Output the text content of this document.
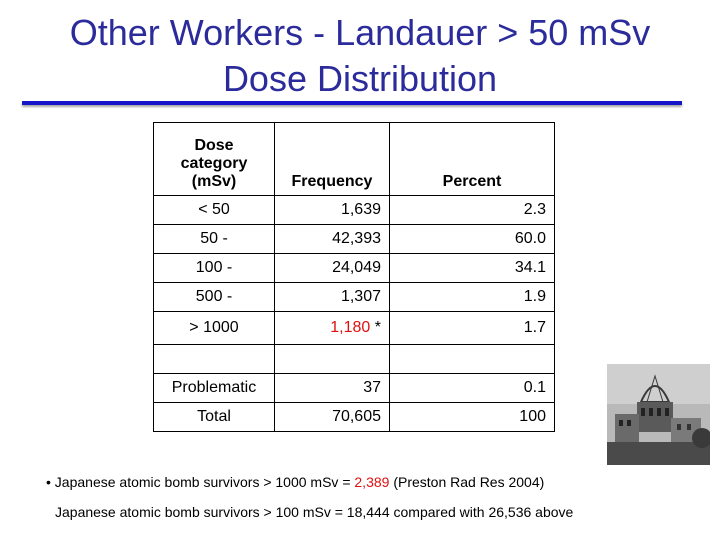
Other Workers - Landauer > 50 mSv
Dose Distribution
Dose
category
(mSv)	Frequency	Percent
< 50	1,639	2.3
50 -	42,393	60.0
100 -	24,049	34.1
500 -	1,307	1.9
> 1000	1,180 *	1.7

Problematic	37	0.1
Total	70,605	100
• Japanese atomic bomb survivors > 1000 mSv = 2,389 (Preston Rad Res 2004)
Japanese atomic bomb survivors > 100 mSv = 18,444 compared with 26,536 above
